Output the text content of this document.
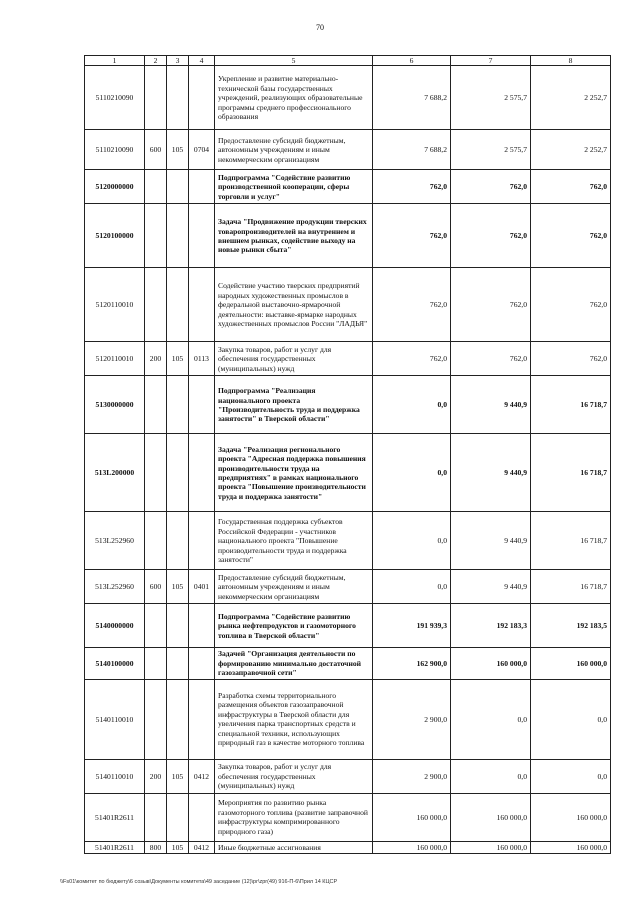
70
1	2	3	4	5	6	7	8
5110210090				Укрепление и развитие материально-технической базы государственных учреждений, реализующих образовательные программы среднего профессионального образования	7 688,2	2 575,7	2 252,7
5110210090	600	105	0704	Предоставление субсидий бюджетным, автономным учреждениям и иным некоммерческим организациям	7 688,2	2 575,7	2 252,7
5120000000				Подпрограмма "Содействие развитию производственной кооперации, сферы торговли и услуг"	762,0	762,0	762,0
5120100000				Задача "Продвижение продукции тверских товаропроизводителей на внутреннем и внешнем рынках, содействие выходу на новые рынки сбыта"	762,0	762,0	762,0
5120110010				Содействие участию тверских предприятий народных художественных промыслов в федеральной выставочно-ярмарочной деятельности: выставке-ярмарке народных художественных промыслов России "ЛАДЬЯ"	762,0	762,0	762,0
5120110010	200	105	0113	Закупка товаров, работ и услуг для обеспечения государственных (муниципальных) нужд	762,0	762,0	762,0
5130000000				Подпрограмма "Реализация национального проекта "Производительность труда и поддержка занятости" в Тверской области"	0,0	9 440,9	16 718,7
513L200000				Задача "Реализация регионального проекта "Адресная поддержка повышения производительности труда на предприятиях" в рамках национального проекта "Повышение производительности труда и поддержка занятости"	0,0	9 440,9	16 718,7
513L252960				Государственная поддержка субъектов Российской Федерации - участников национального проекта "Повышение производительности труда и поддержка занятости"	0,0	9 440,9	16 718,7
513L252960	600	105	0401	Предоставление субсидий бюджетным, автономным учреждениям и иным некоммерческим организациям	0,0	9 440,9	16 718,7
5140000000				Подпрограмма "Содействие развитию рынка нефтепродуктов и газомоторного топлива в Тверской области"	191 939,3	192 183,3	192 183,5
5140100000				Задачей "Организация деятельности по формированию минимально достаточной газозаправочной сети"	162 900,0	160 000,0	160 000,0
5140110010				Разработка схемы территориального размещения объектов газозаправочной инфраструктуры в Тверской области для увеличения парка транспортных средств и специальной техники, использующих природный газ в качестве моторного топлива	2 900,0	0,0	0,0
5140110010	200	105	0412	Закупка товаров, работ и услуг для обеспечения государственных (муниципальных) нужд	2 900,0	0,0	0,0
51401R2611				Мероприятия по развитию рынка газомоторного топлива (развитие заправочной инфраструктуры компримированного природного газа)	160 000,0	160 000,0	160 000,0
51401R2611	800	105	0412	Иные бюджетные ассигнования	160 000,0	160 000,0	160 000,0
\\Fs01\комитет по бюджету\6 созыв\Документы комитета\49 заседание (12)\pr\zpr(49) 916-П-6\Прил 14 КЦСР
